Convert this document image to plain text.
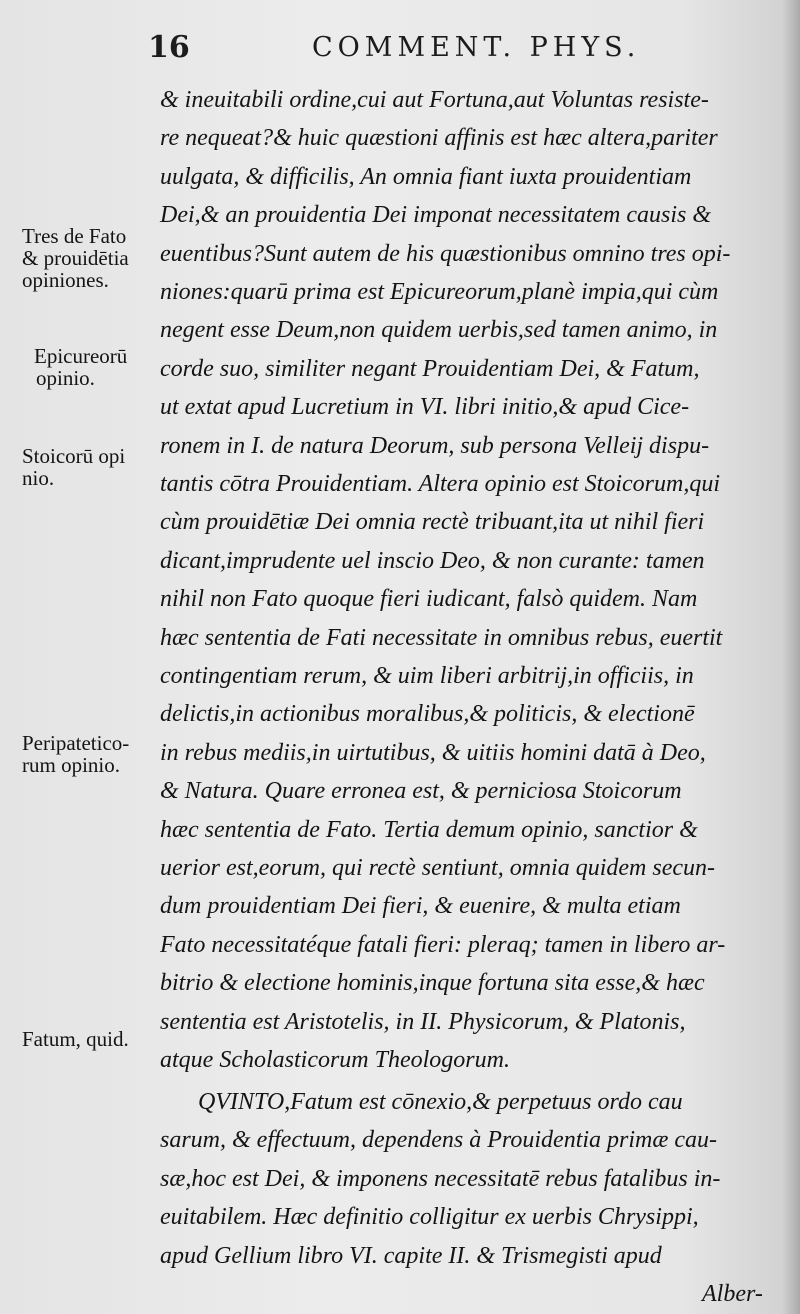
16	COMMENT. PHYS.
Tres de Fato
& prouidētia
opiniones.
Epicureorū
opinio.
Stoicorū opi
nio.
Peripatetico-
rum opinio.
Fatum, quid.
& ineuitabili ordine,cui aut Fortuna,aut Voluntas resiste-
re nequeat?& huic quæstioni affinis est hæc altera,pariter
uulgata, & difficilis, An omnia fiant iuxta prouidentiam
Dei,& an prouidentia Dei imponat necessitatem causis &
euentibus?Sunt autem de his quæstionibus omnino tres opi-
niones:quarū prima est Epicureorum,planè impia,qui cùm
negent esse Deum,non quidem uerbis,sed tamen animo, in
corde suo, similiter negant Prouidentiam Dei, & Fatum,
ut extat apud Lucretium in VI. libri initio,& apud Cice-
ronem in I. de natura Deorum, sub persona Velleij dispu-
tantis cōtra Prouidentiam. Altera opinio est Stoicorum,qui
cùm prouidētiæ Dei omnia rectè tribuant,ita ut nihil fieri
dicant,imprudente uel inscio Deo, & non curante: tamen
nihil non Fato quoque fieri iudicant, falsò quidem. Nam
hæc sententia de Fati necessitate in omnibus rebus, euertit
contingentiam rerum, & uim liberi arbitrij,in officiis, in
delictis,in actionibus moralibus,& politicis, & electionē
in rebus mediis,in uirtutibus, & uitiis homini datā à Deo,
& Natura. Quare erronea est, & perniciosa Stoicorum
hæc sententia de Fato. Tertia demum opinio, sanctior &
uerior est,eorum, qui rectè sentiunt, omnia quidem secun-
dum prouidentiam Dei fieri, & euenire, & multa etiam
Fato necessitatéque fatali fieri: pleraq; tamen in libero ar-
bitrio & electione hominis,inque fortuna sita esse,& hæc
sententia est Aristotelis, in II. Physicorum, & Platonis,
atque Scholasticorum Theologorum.
QVINTO,Fatum est cōnexio,& perpetuus ordo cau
sarum, & effectuum, dependens à Prouidentia primæ cau-
sæ,hoc est Dei, & imponens necessitatē rebus fatalibus in-
euitabilem. Hæc definitio colligitur ex uerbis Chrysippi,
apud Gellium libro VI. capite II. & Trismegisti apud
Alber-
